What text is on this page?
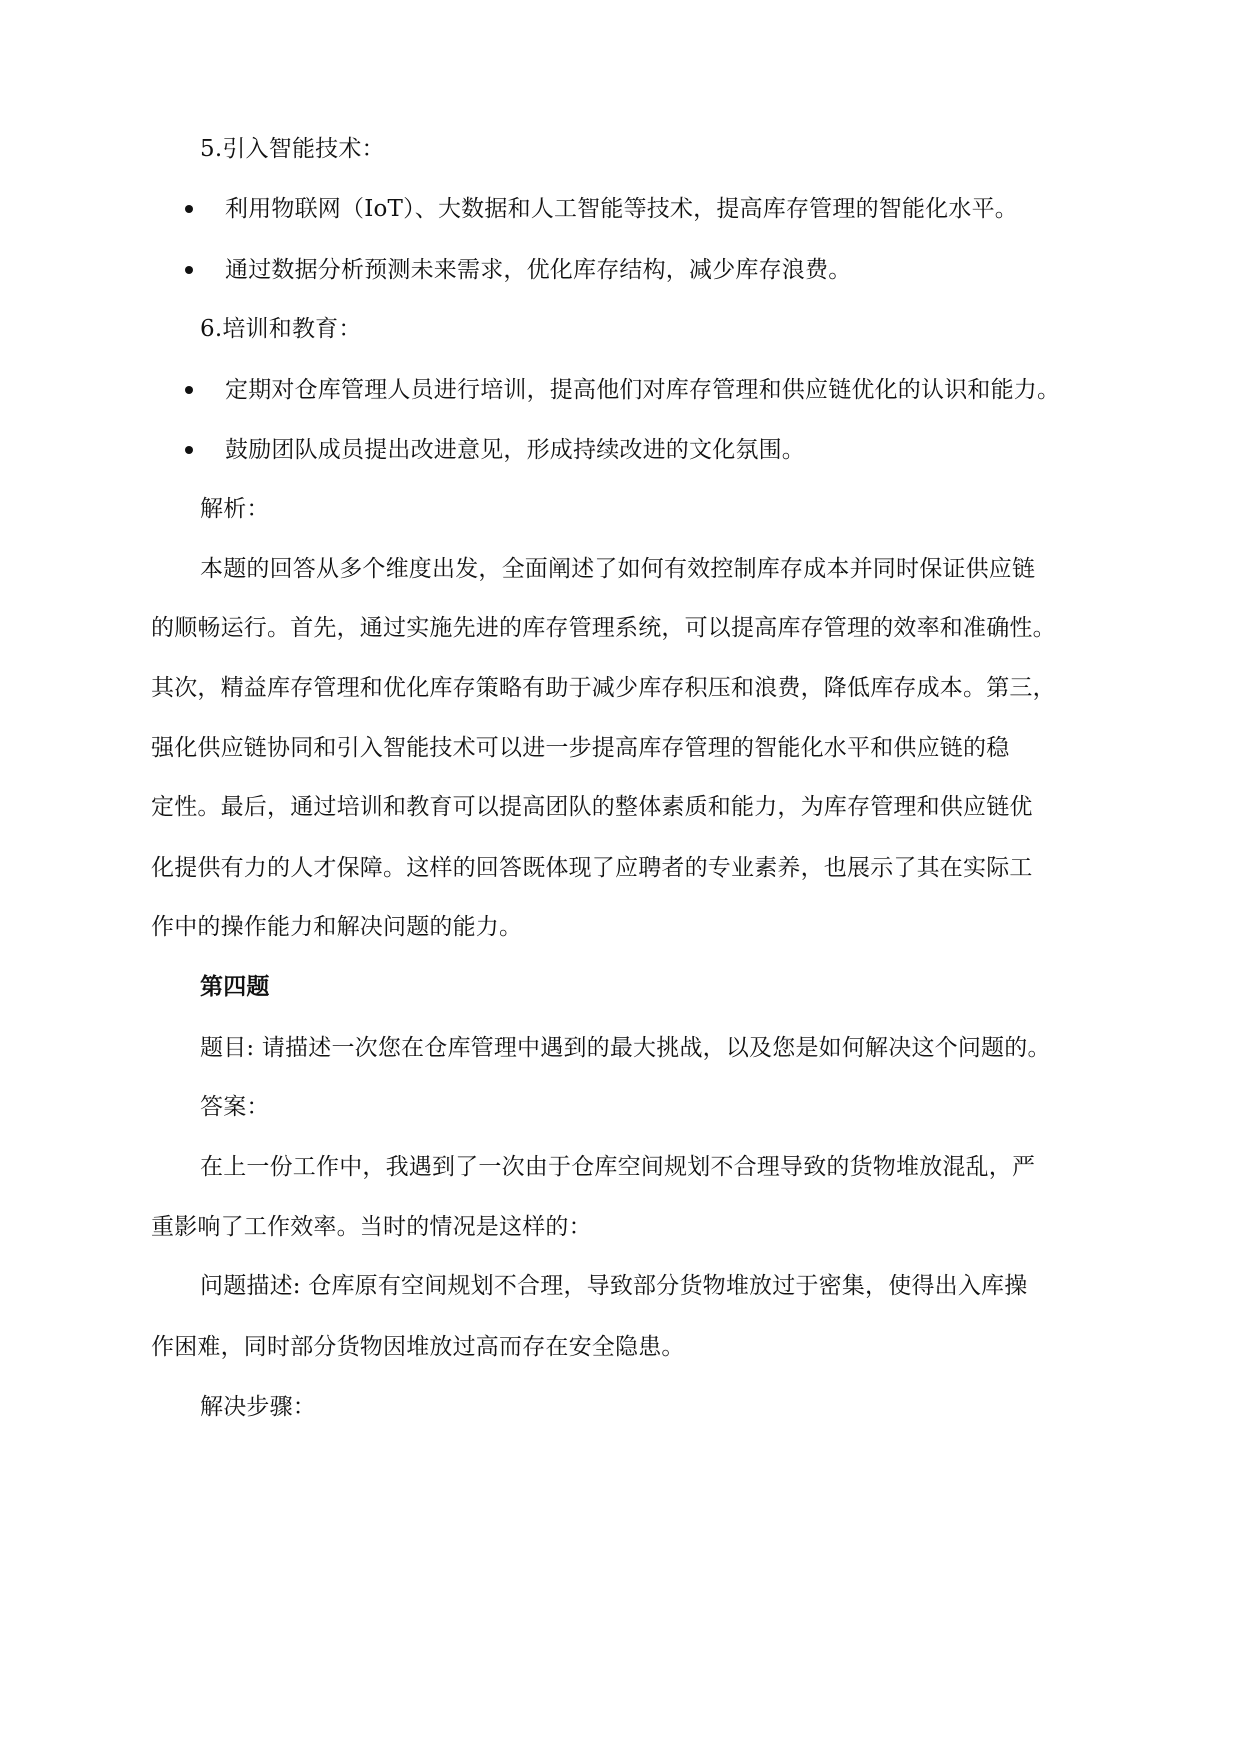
5.引入智能技术：
利用物联网（IoT）、大数据和人工智能等技术，提高库存管理的智能化水平。
通过数据分析预测未来需求，优化库存结构，减少库存浪费。
6.培训和教育：
定期对仓库管理人员进行培训，提高他们对库存管理和供应链优化的认识和能力。
鼓励团队成员提出改进意见，形成持续改进的文化氛围。
解析：
本题的回答从多个维度出发，全面阐述了如何有效控制库存成本并同时保证供应链
的顺畅运行。首先，通过实施先进的库存管理系统，可以提高库存管理的效率和准确性。
其次，精益库存管理和优化库存策略有助于减少库存积压和浪费，降低库存成本。第三，
强化供应链协同和引入智能技术可以进一步提高库存管理的智能化水平和供应链的稳
定性。最后，通过培训和教育可以提高团队的整体素质和能力，为库存管理和供应链优
化提供有力的人才保障。这样的回答既体现了应聘者的专业素养，也展示了其在实际工
作中的操作能力和解决问题的能力。
第四题
题目: 请描述一次您在仓库管理中遇到的最大挑战，以及您是如何解决这个问题的。
答案：
在上一份工作中，我遇到了一次由于仓库空间规划不合理导致的货物堆放混乱，严
重影响了工作效率。当时的情况是这样的：
问题描述: 仓库原有空间规划不合理，导致部分货物堆放过于密集，使得出入库操
作困难，同时部分货物因堆放过高而存在安全隐患。
解决步骤：
